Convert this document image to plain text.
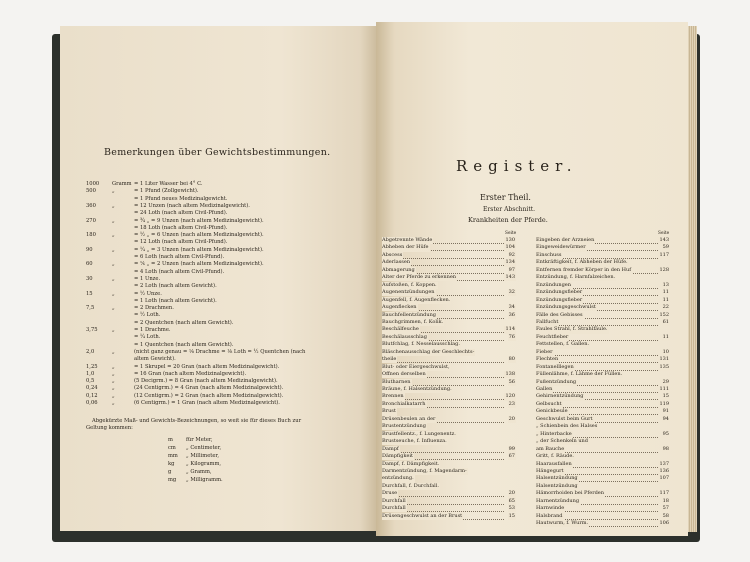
Bemerkungen über Gewichtsbestimmungen.
1000 Gramm = 1 Liter Wasser bei 4° C.
500	„	= 1 Pfund (Zollgewicht).
= 1 Pfund neues Medizinalgewicht.
360	„	= 12 Unzen (nach altem Medizinalgewicht).
= 24 Loth (nach altem Civil-Pfund).
270	„	= ¾ „ = 9 Unzen (nach altem Medizinalgewicht).
= 18 Loth (nach altem Civil-Pfund).
180	„	= ½ „ = 6 Unzen (nach altem Medizinalgewicht).
= 12 Loth (nach altem Civil-Pfund).
90	„	= ¼ „ = 3 Unzen (nach altem Medizinalgewicht).
= 6 Loth (nach altem Civil-Pfund).
60	„	= ⅙ „ = 2 Unzen (nach altem Medizinalgewicht).
= 4 Loth (nach altem Civil-Pfund).
30	„	= 1 Unze.
= 2 Loth (nach altem Gewicht).
15	„	= ½ Unze.
= 1 Loth (nach altem Gewicht).
7,5	„	= 2 Drachmen.
= ½ Loth.
= 2 Quentchen (nach altem Gewicht).
3,75	„	= 1 Drachme.
= ¼ Loth.
= 1 Quentchen (nach altem Gewicht).
2,0	„	(nicht ganz genau = ⅛ Drachme = ⅛ Loth = ½ Quentchen (nach
altem Gewicht).
1,25	„	= 1 Skrupel = 20 Gran (nach altem Medizinalgewicht).
1,0	„	= 16 Gran (nach altem Medizinalgewicht).
0,5	„	(5 Decigrm.) = 8 Gran (nach altem Medizinalgewicht).
0,24	„	(24 Centigrm.) = 4 Gran (nach altem Medizinalgewicht).
0,12	„	(12 Centigrm.) = 2 Gran (nach altem Medizinalgewicht).
0,06	„	(6 Centigrm.) = 1 Gran (nach altem Medizinalgewicht).
Abgekürzte Maß- und Gewichts-Bezeichnungen, so weit sie für dieses Buch zur
Geltung kommen:
m	für Meter,
cm „ Centimeter,
mm „ Millimeter,
kg „ Kilogramm,
g	„ Gramm,
mg „ Milligramm.
Register.
Erster Theil.
Erster Abschnitt.
Krankheiten der Pferde.
Seite	Seite
Abgetrennte Wände	130
Abheben der Hüfe	104
Abscess	92
Aderlassen	134
Abmagerung	97
Alter der Pferde zu erkennen	143
Aufstoßen, f. Koppen.
Augenentzündungen	32
Augenfell, f. Augenflecken.
Augenflecken	34
Bauchfellentzündung	36
Bauchgrimmen, f. Kolik.
Beschälfeuche	114
Beschälausschlag	76
Blutfchlag, f. Nesselausschlag.
Bläschenausschlag der Geschlechts-
theile	80
Blut- oder Eiergeschwulst,
Offnen derselben	138
Blutharnen	56
Bräune, f. Halsentzündung.
Brennen	120
Bronchialkatarrh	23
Brust
Drüsenbeulen an der	20
Brustentzündung
Brustfellentz., f. Lungenentz.
Brustseuche, f. Influenza.
Dampf	99
Dämpfigkeit	67
Dampf, f. Dämpfigkeit.
Darmentzündung, f. Magendarm-
entzündung.
Durchfall, f. Durchfall.
Druse	20
Durchfall	65
Durchfall	53
Drüsengeschwulst an der Brust	15
Eingeben der Arzneien	143
Eingeweidewürmer	59
Einschuss	117
Entkräftigkeit, f. Abheben der Hüfe.
Entfernen fremder Körper in den Huf	128
Entzündung, f. Harnfalzeichen.
Enzündungen	13
Enzündungsfieber	11
Enzündungsfieber	11
Enzündungsgeschwulst	22
Fälle des Gebisses	152
Fallfucht	61
Faules Strahl, f. Strahlfäule.
Feuchtfieber	11
Fettstellen, f. Gallen.
Fieber	10
Flechten	131
Fontanelllegen	135
Füllenlähme, f. Lähme der Füllen.
Fußentzündung	29
Gallen	111
Gehirnentzündung	15
Gelbsucht	119
Genickbeule	91
Geschwulst beim Gurt	94
„ Schienbein des Halses
„ Hinterbacke	95
„ der Schenkeln und
am Bauche	98
Gritt, f. Räude.
Haarausfallen	137
Hängegurt	136
Halsentzündung	107
Halsentzündung
Hämorrhoiden bei Pferden	117
Harnentzündung	18
Harnwinde	57
Halsbrand	58
Hautwurm, f. Wurm.	106
